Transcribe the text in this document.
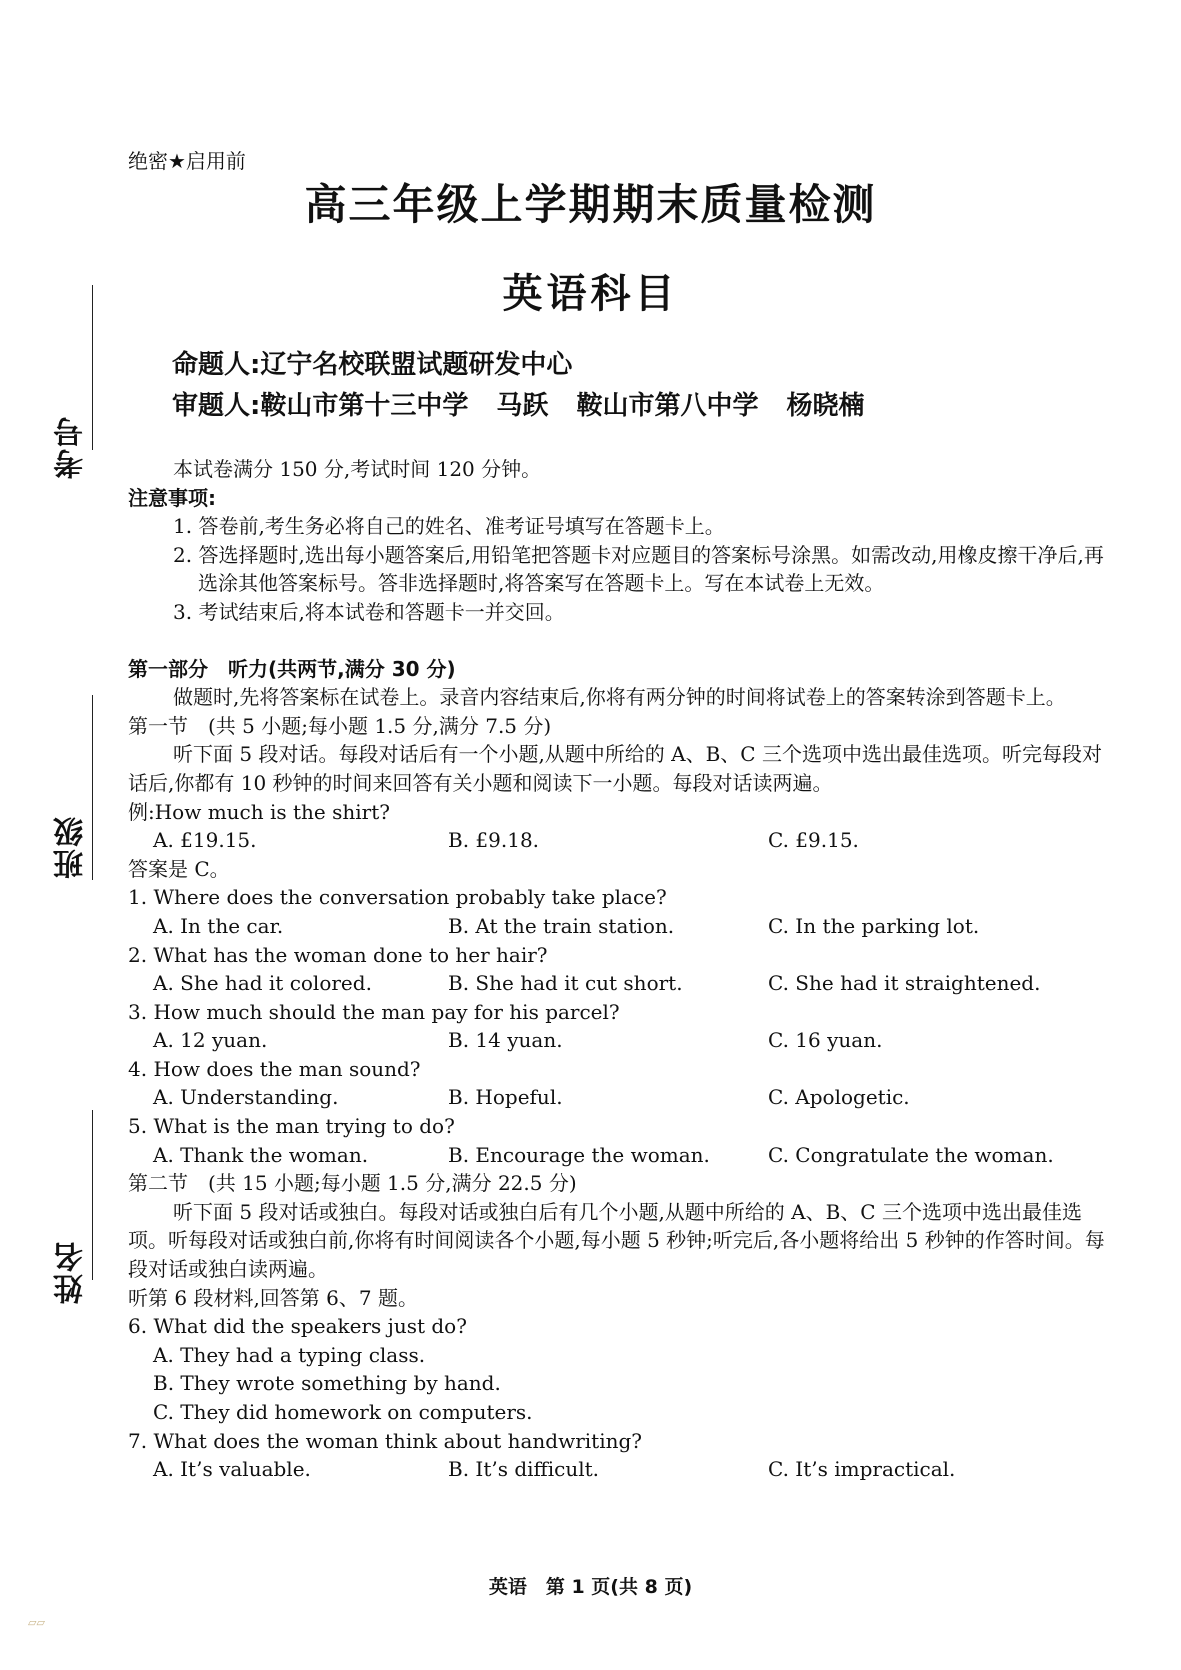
绝密★启用前
高三年级上学期期末质量检测
英语科目
命题人:辽宁名校联盟试题研发中心
审题人:鞍山市第十三中学 马跃 鞍山市第八中学 杨晓楠
考号
班级
姓名

本试卷满分 150 分,考试时间 120 分钟。

注意事项:

1. 答卷前,考生务必将自己的姓名、准考证号填写在答题卡上。

2. 答选择题时,选出每小题答案后,用铅笔把答题卡对应题目的答案标号涂黑。如需改动,用橡皮擦干净后,再选涂其他答案标号。答非选择题时,将答案写在答题卡上。写在本试卷上无效。

3. 考试结束后,将本试卷和答题卡一并交回。

第一部分　听力(共两节,满分 30 分)

做题时,先将答案标在试卷上。录音内容结束后,你将有两分钟的时间将试卷上的答案转涂到答题卡上。

第一节　(共 5 小题;每小题 1.5 分,满分 7.5 分)

听下面 5 段对话。每段对话后有一个小题,从题中所给的 A、B、C 三个选项中选出最佳选项。听完每段对话后,你都有 10 秒钟的时间来回答有关小题和阅读下一小题。每段对话读两遍。

例:How much is the shirt?

A. £19.15.	B. £9.18.	C. £9.15.

答案是 C。

1. Where does the conversation probably take place?

A. In the car.	B. At the train station.	C. In the parking lot.

2. What has the woman done to her hair?

A. She had it colored.	B. She had it cut short.	C. She had it straightened.

3. How much should the man pay for his parcel?

A. 12 yuan.	B. 14 yuan.	C. 16 yuan.

4. How does the man sound?

A. Understanding.	B. Hopeful.	C. Apologetic.

5. What is the man trying to do?

A. Thank the woman.	B. Encourage the woman.	C. Congratulate the woman.

第二节　(共 15 小题;每小题 1.5 分,满分 22.5 分)

听下面 5 段对话或独白。每段对话或独白后有几个小题,从题中所给的 A、B、C 三个选项中选出最佳选项。听每段对话或独白前,你将有时间阅读各个小题,每小题 5 秒钟;听完后,各小题将给出 5 秒钟的作答时间。每段对话或独白读两遍。

听第 6 段材料,回答第 6、7 题。

6. What did the speakers just do?

A. They had a typing class.

B. They wrote something by hand.

C. They did homework on computers.

7. What does the woman think about handwriting?

A. It’s valuable.	B. It’s difficult.	C. It’s impractical.
英语　第 1 页(共 8 页)
▱▱
